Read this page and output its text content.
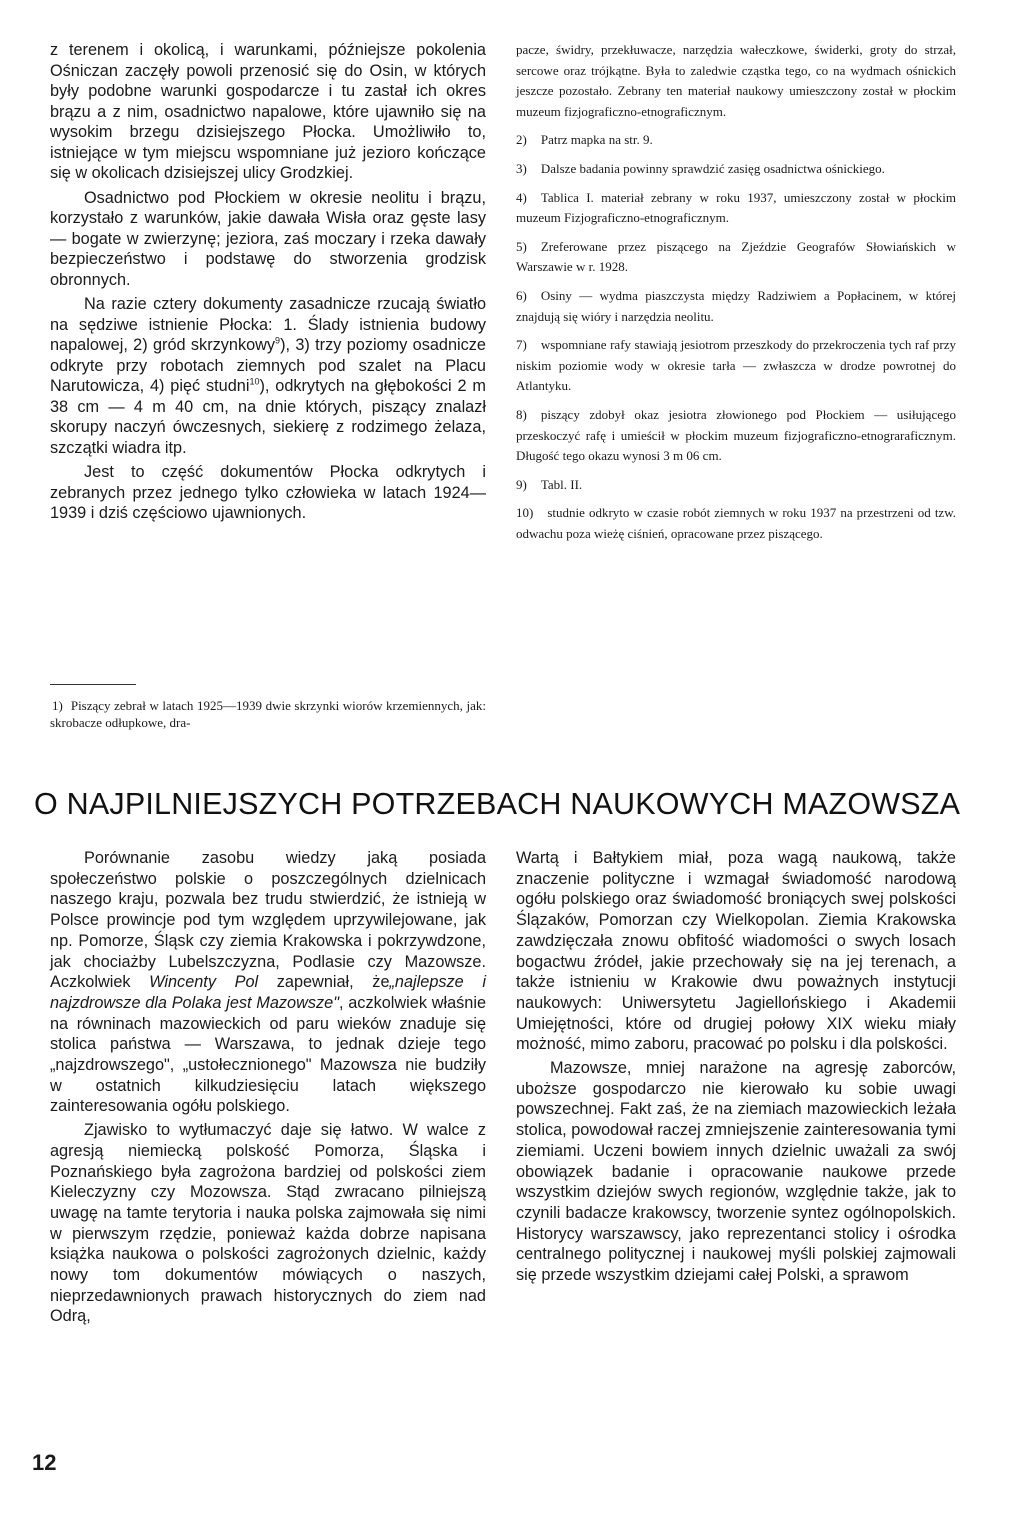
z terenem i okolicą, i warunkami, późniejsze pokolenia Ośniczan zaczęły powoli przenosić się do Osin, w których były podobne warunki gospodarcze i tu zastał ich okres brązu a z nim, osadnictwo napalowe, które ujawniło się na wysokim brzegu dzisiejszego Płocka. Umożliwiło to, istniejące w tym miejscu wspomniane już jezioro kończące się w okolicach dzisiejszej ulicy Grodzkiej.

Osadnictwo pod Płockiem w okresie neolitu i brązu, korzystało z warunków, jakie dawała Wisła oraz gęste lasy — bogate w zwierzynę; jeziora, zaś moczary i rzeka dawały bezpieczeństwo i podstawę do stworzenia grodzisk obronnych.

Na razie cztery dokumenty zasadnicze rzucają światło na sędziwe istnienie Płocka: 1. Ślady istnienia budowy napalowej, 2) gród skrzynkowy$^9$), 3) trzy poziomy osadnicze odkryte przy robotach ziemnych pod szalet na Placu Narutowicza, 4) pięć studni$^{10}$), odkrytych na głębokości 2 m 38 cm — 4 m 40 cm, na dnie których, piszący znalazł skorupy naczyń ówczesnych, siekierę z rodzimego żelaza, szczątki wiadra itp.

Jest to część dokumentów Płocka odkrytych i zebranych przez jednego tylko człowieka w latach 1924—1939 i dziś częściowo ujawnionych.

1) Piszący zebrał w latach 1925—1939 dwie skrzynki wiorów krzemiennych, jak: skrobacze odłupkowe, dra-

pacze, świdry, przekłuwacze, narzędzia wałeczkowe, świderki, groty do strzał, sercowe oraz trójkątne. Była to zaledwie cząstka tego, co na wydmach ośnickich jeszcze pozostało. Zebrany ten materiał naukowy umieszczony został w płockim muzeum fizjograficzno-etnograficznym.

2) Patrz mapka na str. 9.

3) Dalsze badania powinny sprawdzić zasięg osadnictwa ośnickiego.

4) Tablica I. materiał zebrany w roku 1937, umieszczony został w płockim muzeum Fizjograficzno-etnograficznym.

5) Zreferowane przez piszącego na Zjeździe Geografów Słowiańskich w Warszawie w r. 1928.

6) Osiny — wydma piaszczysta między Radziwiem a Popłacinem, w której znajdują się wióry i narzędzia neolitu.

7) wspomniane rafy stawiają jesiotrom przeszkody do przekroczenia tych raf przy niskim poziomie wody w okresie tarła — zwłaszcza w drodze powrotnej do Atlantyku.

8) piszący zdobył okaz jesiotra złowionego pod Płockiem — usiłującego przeskoczyć rafę i umieścił w płockim muzeum fizjograficzno-etnograraficznym. Długość tego okazu wynosi 3 m 06 cm.

9) Tabl. II.

10) studnie odkryto w czasie robót ziemnych w roku 1937 na przestrzeni od tzw. odwachu poza wieżę ciśnień, opracowane przez piszącego.

O NAJPILNIEJSZYCH POTRZEBACH NAUKOWYCH MAZOWSZA

Porównanie zasobu wiedzy jaką posiada społeczeństwo polskie o poszczególnych dzielnicach naszego kraju, pozwala bez trudu stwierdzić, że istnieją w Polsce prowincje pod tym względem uprzywilejowane, jak np. Pomorze, Śląsk czy ziemia Krakowska i pokrzywdzone, jak chociażby Lubelszczyzna, Podlasie czy Mazowsze. Aczkolwiek Wincenty Pol zapewniał, że„najlepsze i najzdrowsze dla Polaka jest Mazowsze", aczkolwiek właśnie na równinach mazowieckich od paru wieków znaduje się stolica państwa — Warszawa, to jednak dzieje tego „najzdrowszego", „ustołecznionego" Mazowsza nie budziły w ostatnich kilkudziesięciu latach większego zainteresowania ogółu polskiego.

Zjawisko to wytłumaczyć daje się łatwo. W walce z agresją niemiecką polskość Pomorza, Śląska i Poznańskiego była zagrożona bardziej od polskości ziem Kieleczyzny czy Mozowsza. Stąd zwracano pilniejszą uwagę na tamte terytoria i nauka polska zajmowała się nimi w pierwszym rzędzie, ponieważ każda dobrze napisana książka naukowa o polskości zagrożonych dzielnic, każdy nowy tom dokumentów mówiących o naszych, nieprzedawnionych prawach historycznych do ziem nad Odrą,

Wartą i Bałtykiem miał, poza wagą naukową, także znaczenie polityczne i wzmagał świadomość narodową ogółu polskiego oraz świadomość broniących swej polskości Ślązaków, Pomorzan czy Wielkopolan. Ziemia Krakowska zawdzięczała znowu obfitość wiadomości o swych losach bogactwu źródeł, jakie przechowały się na jej terenach, a także istnieniu w Krakowie dwu poważnych instytucji naukowych: Uniwersytetu Jagiellońskiego i Akademii Umiejętności, które od drugiej połowy XIX wieku miały możność, mimo zaboru, pracować po polsku i dla polskości.

Mazowsze, mniej narażone na agresję zaborców, uboższe gospodarczo nie kierowało ku sobie uwagi powszechnej. Fakt zaś, że na ziemiach mazowieckich leżała stolica, powodował raczej zmniejszenie zainteresowania tymi ziemiami. Uczeni bowiem innych dzielnic uważali za swój obowiązek badanie i opracowanie naukowe przede wszystkim dziejów swych regionów, względnie także, jak to czynili badacze krakowscy, tworzenie syntez ogólnopolskich. Historycy warszawscy, jako reprezentanci stolicy i ośrodka centralnego politycznej i naukowej myśli polskiej zajmowali się przede wszystkim dziejami całej Polski, a sprawom

12
